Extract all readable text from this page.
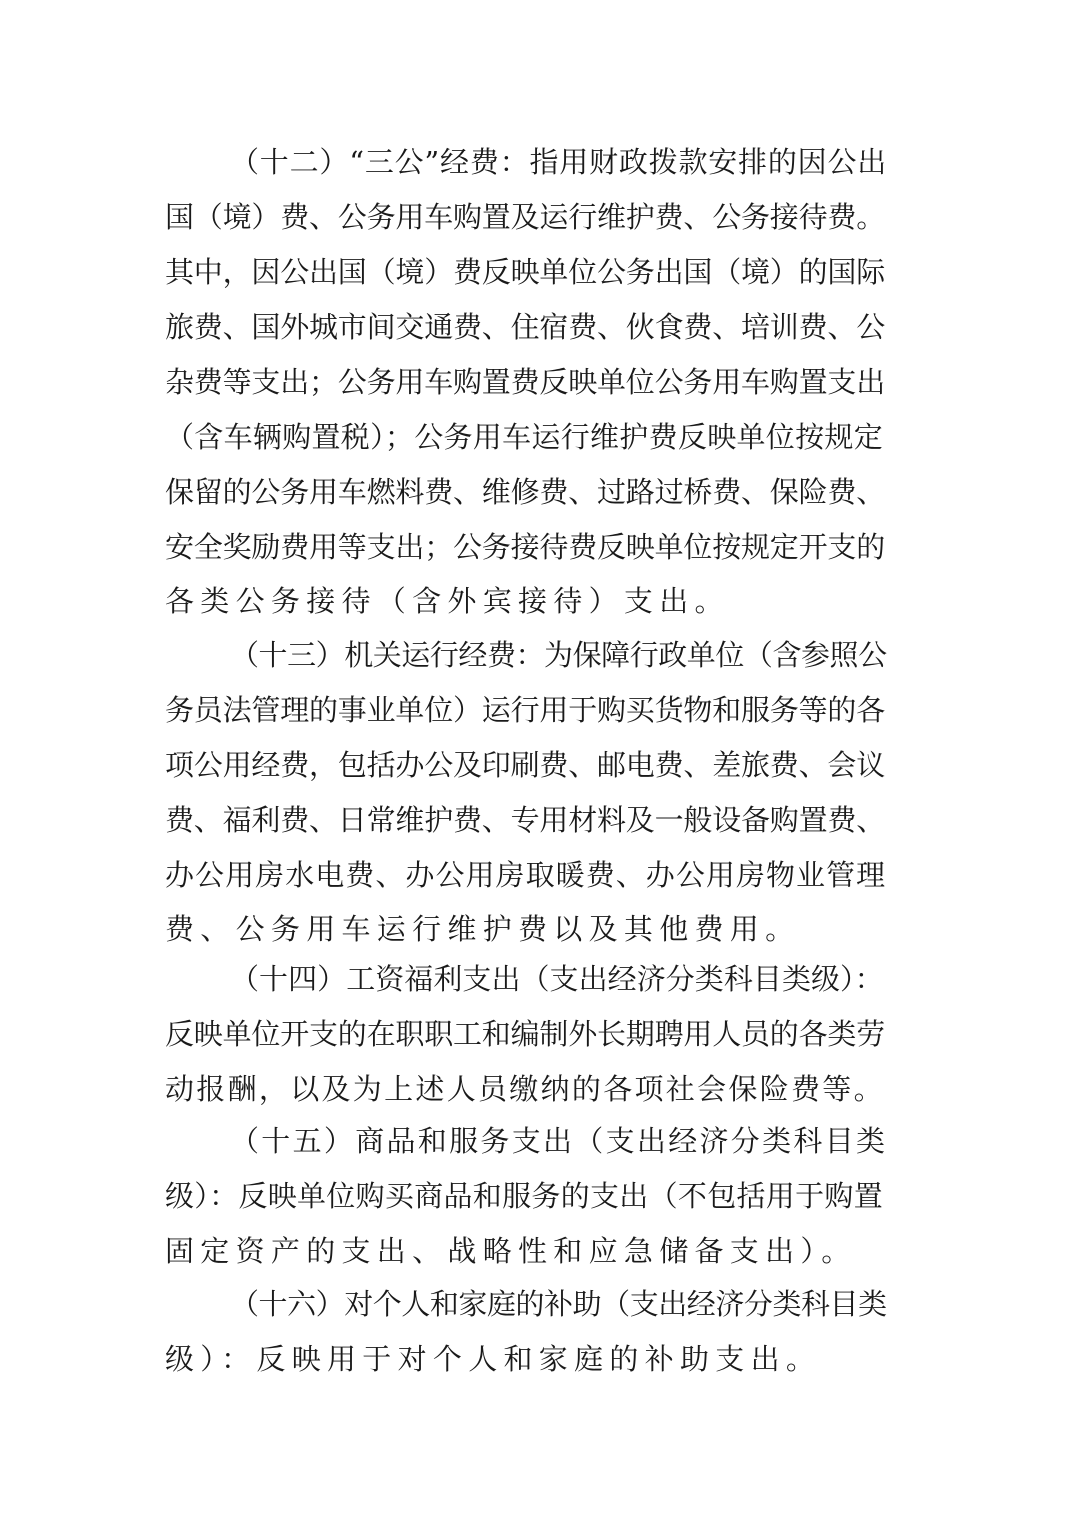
（十二）“三公”经费：指用财政拨款安排的因公出
国（境）费、公务用车购置及运行维护费、公务接待费。
其中，因公出国（境）费反映单位公务出国（境）的国际
旅费、国外城市间交通费、住宿费、伙食费、培训费、公
杂费等支出；公务用车购置费反映单位公务用车购置支出
（含车辆购置税）；公务用车运行维护费反映单位按规定
保留的公务用车燃料费、维修费、过路过桥费、保险费、
安全奖励费用等支出；公务接待费反映单位按规定开支的
各类公务接待（含外宾接待）支出。
（十三）机关运行经费：为保障行政单位（含参照公
务员法管理的事业单位）运行用于购买货物和服务等的各
项公用经费，包括办公及印刷费、邮电费、差旅费、会议
费、福利费、日常维护费、专用材料及一般设备购置费、
办公用房水电费、办公用房取暖费、办公用房物业管理
费、公务用车运行维护费以及其他费用。
（十四）工资福利支出（支出经济分类科目类级）：
反映单位开支的在职职工和编制外长期聘用人员的各类劳
动报酬，以及为上述人员缴纳的各项社会保险费等。
（十五）商品和服务支出（支出经济分类科目类
级）：反映单位购买商品和服务的支出（不包括用于购置
固定资产的支出、战略性和应急储备支出）。
（十六）对个人和家庭的补助（支出经济分类科目类
级）：反映用于对个人和家庭的补助支出。
